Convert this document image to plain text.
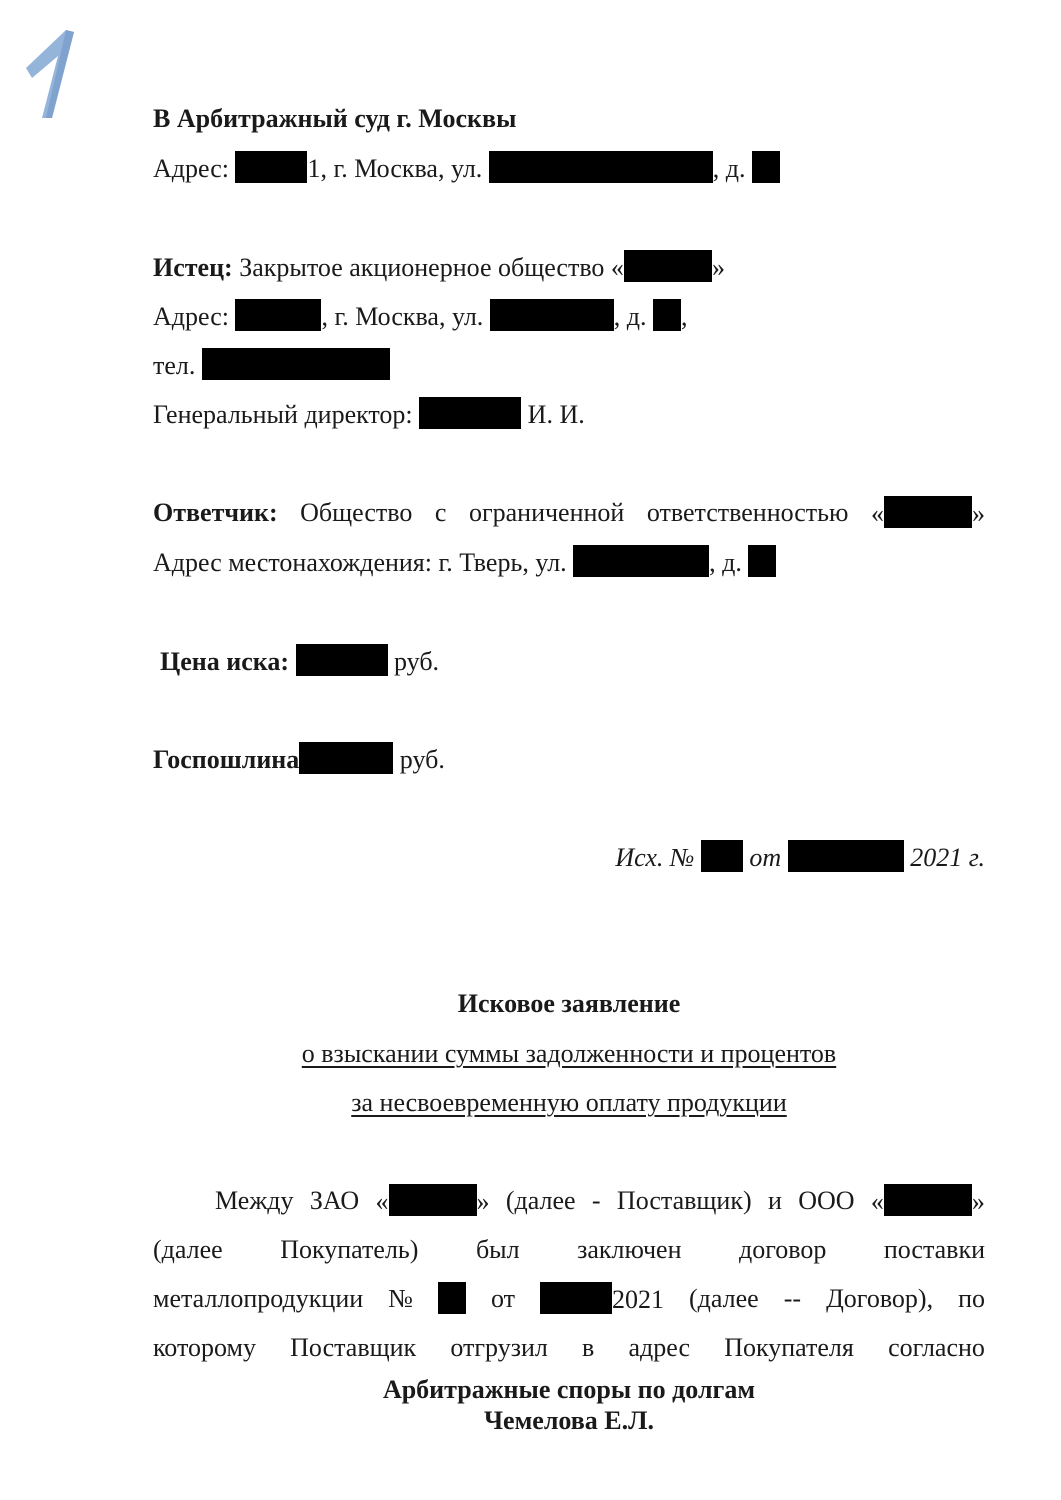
В Арбитражный суд г. Москвы
Адрес:	1, г. Москва, ул.	, д.
Истец: Закрытое акционерное общество «	»
Адрес:	, г. Москва, ул.	, д. ,
тел.
Генеральный директор:	И. И.
Ответчик: Общество с ограниченной ответственностью «	»
Адрес местонахождения: г. Тверь, ул.	, д.
Цена иска:	руб.
Госпошлина	руб.
Исх. № от	2021 г.
Исковое заявление
о взыскании суммы задолженности и процентов
за несвоевременную оплату продукции
Между ЗАО «	» (далее - Поставщик) и ООО «	»
(далее Покупатель) был заключен договор поставки
металлопродукции №	от	2021 (далее -- Договор), по
которому Поставщик отгрузил в адрес Покупателя согласно
Арбитражные споры по долгам
Чемелова Е.Л.
